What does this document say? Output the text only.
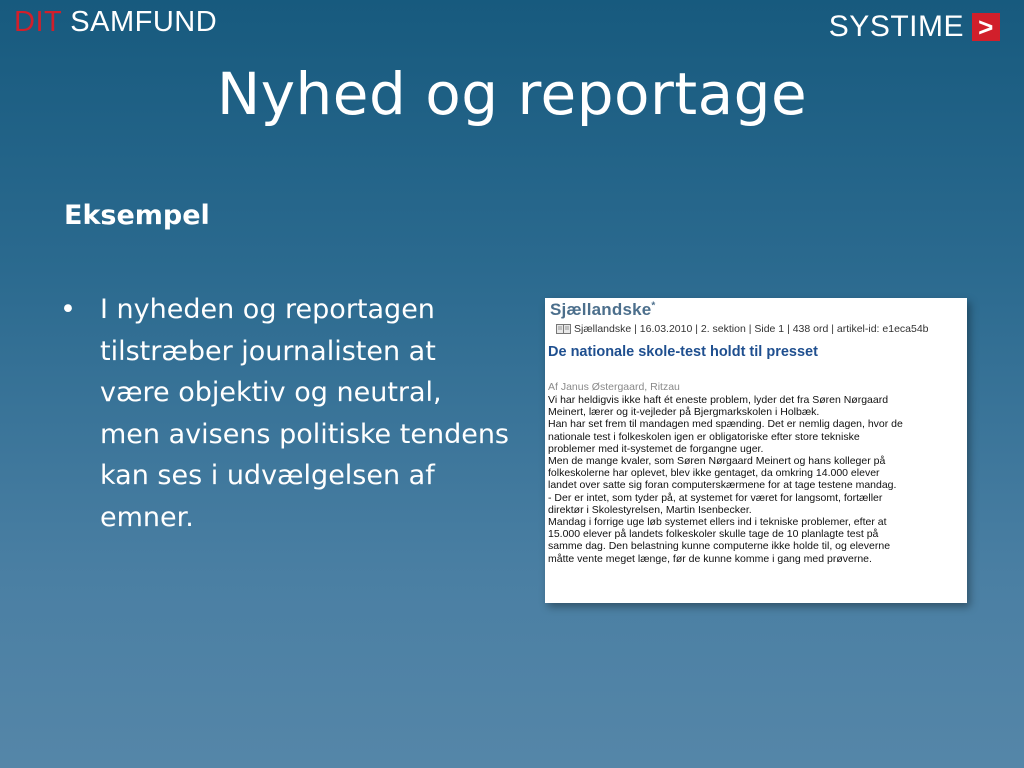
DIT SAMFUND	SYSTIME >
Nyhed og reportage
Eksempel
• I nyheden og reportagen tilstræber journalisten at være objektiv og neutral, men avisens politiske tendens kan ses i udvælgelsen af emner.
Sjællandske*
Sjællandske | 16.03.2010 | 2. sektion | Side 1 | 438 ord | artikel-id: e1eca54b
De nationale skole-test holdt til presset
Af Janus Østergaard, Ritzau
Vi har heldigvis ikke haft ét eneste problem, lyder det fra Søren Nørgaard
Meinert, lærer og it-vejleder på Bjergmarkskolen i Holbæk.
Han har set frem til mandagen med spænding. Det er nemlig dagen, hvor de
nationale test i folkeskolen igen er obligatoriske efter store tekniske
problemer med it-systemet de forgangne uger.
Men de mange kvaler, som Søren Nørgaard Meinert og hans kolleger på
folkeskolerne har oplevet, blev ikke gentaget, da omkring 14.000 elever
landet over satte sig foran computerskærmene for at tage testene mandag.
- Der er intet, som tyder på, at systemet for været for langsomt, fortæller
direktør i Skolestyrelsen, Martin Isenbecker.
Mandag i forrige uge løb systemet ellers ind i tekniske problemer, efter at
15.000 elever på landets folkeskoler skulle tage de 10 planlagte test på
samme dag. Den belastning kunne computerne ikke holde til, og eleverne
måtte vente meget længe, før de kunne komme i gang med prøverne.
